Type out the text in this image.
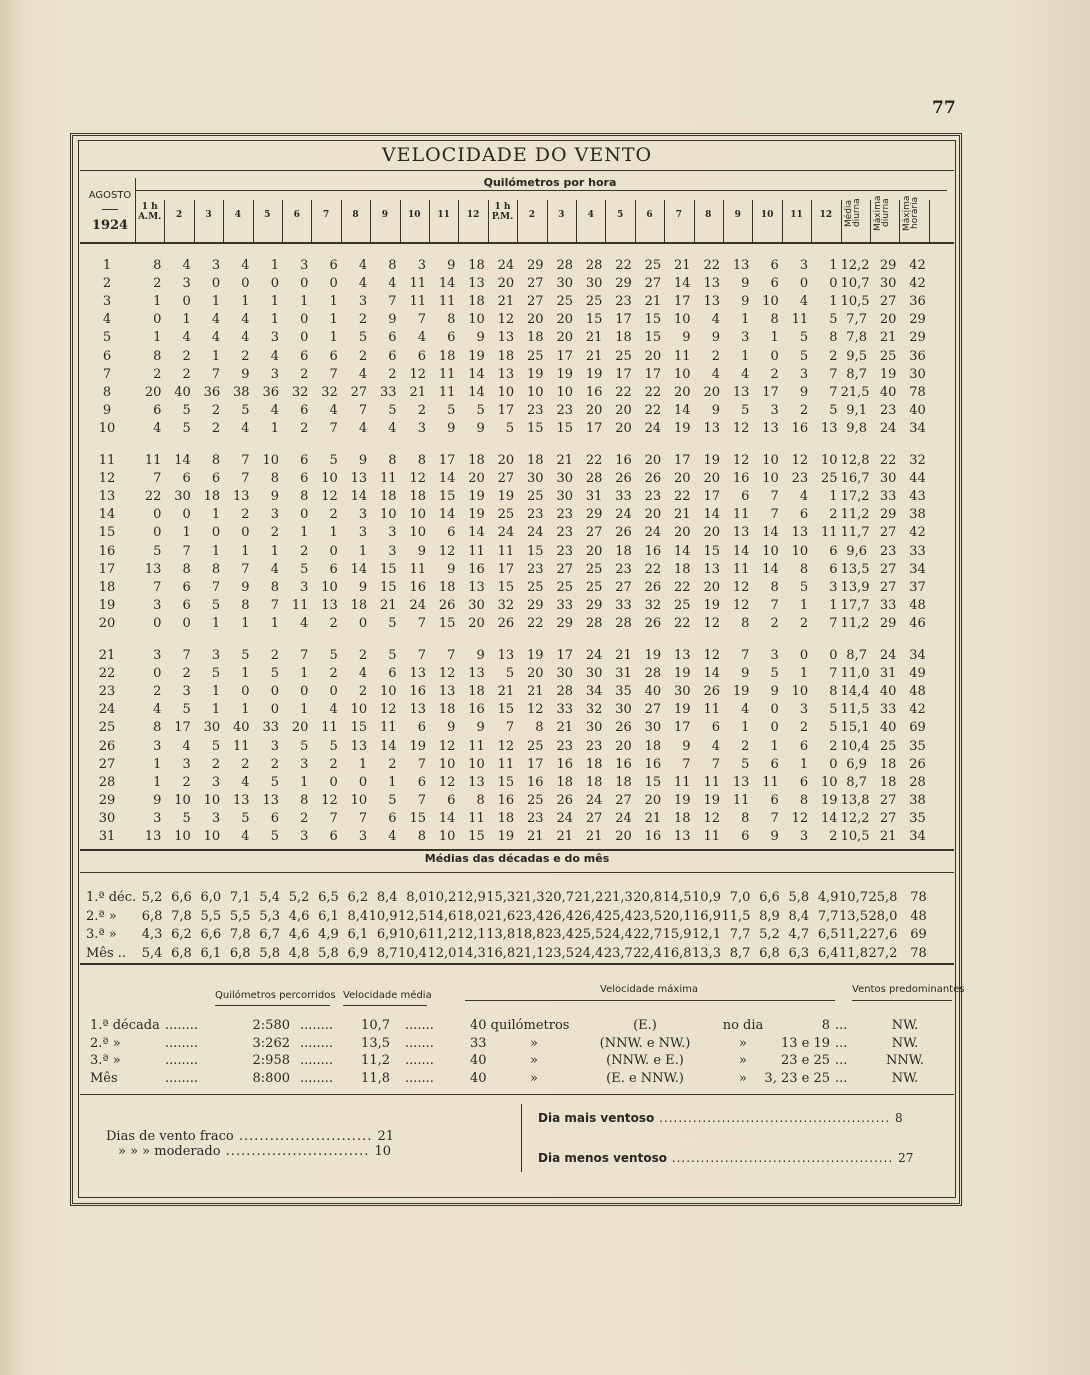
77
VELOCIDADE DO VENTO
Quilómetros por hora
AGOSTO
1924
1 h
A.M.	2	3	4	5	6	7	8	9	10	11	12
1 h
P.M.	2	3	4	5	6	7	8	9	10	11	12
1	8	4	3	4	1	3	6	4	8	3	9 18 24 29 28 28 22 25 21 22 13	6	3	1 12,2 29 42
2	2	3	0	0	0	0	0	4	4 11 14 13 20 27 30 30 29 27 14 13	9	6	0	0 10,7 30 42
3	1	0	1	1	1	1	1	3	7 11 11 18 21 27 25 25 23 21 17 13	9 10	4	1 10,5 27 36
4	0	1	4	4	1	0	1	2	9	7	8 10 12 20 20 15 17 15 10	4	1	8 11	5 7,7 20 29
5	1	4	4	4	3	0	1	5	6	4	6	9 13 18 20 21 18 15	9	9	3	1	5	8 7,8 21 29
6	8	2	1	2	4	6	6	2	6	6 18 19 18 25 17 21 25 20 11	2	1	0	5	2 9,5 25 36
7	2	2	7	9	3	2	7	4	2 12 11 14 13 19 19 19 17 17 10	4	4	2	3	7 8,7 19 30
8	20 40 36 38 36 32 32 27 33 21 11 14 10 10 10 16 22 22 20 20 13 17	9	7 21,5 40 78
9	6	5	2	5	4	6	4	7	5	2	5	5 17 23 23 20 20 22 14	9	5	3	2	5 9,1 23 40
10	4	5	2	4	1	2	7	4	4	3	9	9	5 15 15 17 20 24 19 13 12 13 16 13 9,8 24 34
11	11 14	8	7 10	6	5	9	8	8 17 18 20 18 21 22 16 20 17 19 12 10 12 10 12,8 22 32
12	7	6	6	7	8	6 10 13 11 12 14 20 27 30 30 28 26 26 20 20 16 10 23 25 16,7 30 44
13	22 30 18 13	9	8 12 14 18 18 15 19 19 25 30 31 33 23 22 17	6	7	4	1 17,2 33 43
14	0	0	1	2	3	0	2	3 10 10 14 19 25 23 23 29 24 20 21 14 11	7	6	2 11,2 29 38
15	0	1	0	0	2	1	1	3	3 10	6 14 24 24 23 27 26 24 20 20 13 14 13 11 11,7 27 42
16	5	7	1	1	1	2	0	1	3	9 12 11 11 15 23 20 18 16 14 15 14 10 10	6 9,6 23 33
17	13	8	8	7	4	5	6 14 15 11	9 16 17 23 27 25 23 22 18 13 11 14	8	6 13,5 27 34
18	7	6	7	9	8	3 10	9 15 16 18 13 15 25 25 25 27 26 22 20 12	8	5	3 13,9 27 37
19	3	6	5	8	7 11 13 18 21 24 26 30 32 29 33 29 33 32 25 19 12	7	1	1 17,7 33 48
20	0	0	1	1	1	4	2	0	5	7 15 20 26 22 29 28 28 26 22 12	8	2	2	7 11,2 29 46
21	3	7	3	5	2	7	5	2	5	7	7	9 13 19 17 24 21 19 13 12	7	3	0	0 8,7 24 34
22	0	2	5	1	5	1	2	4	6 13 12 13	5 20 30 30 31 28 19 14	9	5	1	7 11,0 31 49
23	2	3	1	0	0	0	0	2 10 16 13 18 21 21 28 34 35 40 30 26 19	9 10	8 14,4 40 48
24	4	5	1	1	0	1	4 10 12 13 18 16 15 12 33 32 30 27 19 11	4	0	3	5 11,5 33 42
25	8 17 30 40 33 20 11 15 11	6	9	9	7	8 21 30 26 30 17	6	1	0	2	5 15,1 40 69
26	3	4	5 11	3	5	5 13 14 19 12 11 12 25 23 23 20 18	9	4	2	1	6	2 10,4 25 35
27	1	3	2	2	2	3	2	1	2	7 10 10 11 17 16 18 16 16	7	7	5	6	1	0 6,9 18 26
28	1	2	3	4	5	1	0	0	1	6 12 13 15 16 18 18 18 15 11 11 13 11	6 10 8,7 18 28
29	9 10 10 13 13	8 12 10	5	7	6	8 16 25 26 24 27 20 19 19 11	6	8 19 13,8 27 38
30	3	5	3	5	6	2	7	7	6 15 14 11 18 23 24 27 24 21 18 12	8	7 12 14 12,2 27 35
31	13 10 10	4	5	3	6	3	4	8 10 15 19 21 21 21 20 16 13 11	6	9	3	2 10,5 21 34
Médias das décadas e do mês
1.ª déc. 5,2 6,6 6,0 7,1 5,4 5,2 6,5 6,2 8,4 8,0 10,2 12,9 15,3 21,3 20,7 21,2 21,3 20,8 14,5 10,9 7,0 6,6 5,8 4,9 10,7 25,8 78
2.ª »	6,8 7,8 5,5 5,5 5,3 4,6 6,1 8,4 10,9 12,5 14,6 18,0 21,6 23,4 26,4 26,4 25,4 23,5 20,1 16,9 11,5 8,9 8,4 7,7 13,5 28,0 48
3.ª »	4,3 6,2 6,6 7,8 6,7 4,6 4,9 6,1 6,9 10,6 11,2 12,1 13,8 18,8 23,4 25,5 24,4 22,7 15,9 12,1 7,7 5,2 4,7 6,5 11,2 27,6 69
Mês ..	5,4 6,8 6,1 6,8 5,8 4,8 5,8 6,9 8,7 10,4 12,0 14,3 16,8 21,1 23,5 24,4 23,7 22,4 16,8 13,3 8,7 6,8 6,3 6,4 11,8 27,2 78
Quilómetros percorridos Velocidade média
Velocidade máxima	Ventos predominantes
1.ª década ........	2:580 ........	10,7 .......	40 quilómetros	(E.)	no dia	8 ...	NW.
2.ª »	........	3:262 ........	13,5 .......	33	»	(NNW. e NW.)	»	13 e 19 ...	NW.
3.ª »	........	2:958 ........	11,2 .......	40	»	(NNW. e E.)	»	23 e 25 ...	NNW.
Mês	........	8:800 ........	11,8 .......	40	»	(E. e NNW.)	»	3, 23 e 25 ...	NW.
Dias de vento fraco .......................... 21
» » » moderado ............................ 10
Dia mais ventoso ................................................ 8
Dia menos ventoso .............................................. 27
Média diurna Máxima diurna Máxima horária
